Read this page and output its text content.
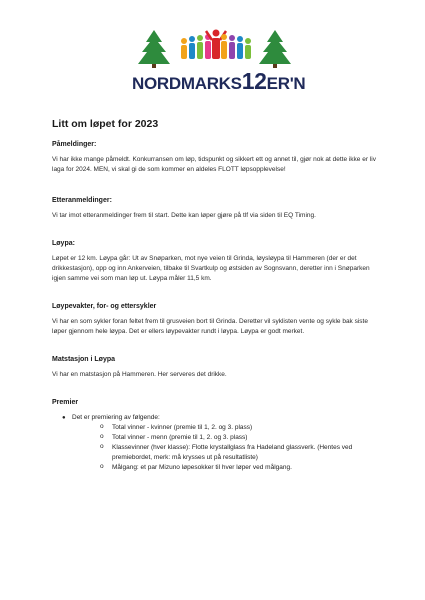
NORDMARKS12ER'N
Litt om løpet for 2023
Påmeldinger:

Vi har ikke mange påmeldt. Konkurransen om løp, tidspunkt og sikkert ett og annet til, gjør nok at dette ikke er liv laga for 2024. MEN, vi skal gi de som kommer en aldeles FLOTT løpsopplevelse!

Etteranmeldinger:

Vi tar imot etteranmeldinger frem til start. Dette kan løper gjøre på tlf via siden til EQ Timing.

Løypa:

Løpet er 12 km. Løypa går: Ut av Snøparken, mot nye veien til Grinda, løysløypa til Hammeren (der er det drikkestasjon), opp og inn Ankerveien, tilbake til Svartkulp og østsiden av Sognsvann, deretter inn i Snøparken igjen samme vei som man løp ut. Løypa måler 11,5 km.

Løypevakter, for- og ettersykler

Vi har en som sykler foran feltet frem til grusveien bort til Grinda. Deretter vil syklisten vente og sykle bak siste løper gjennom hele løypa. Det er ellers løypevakter rundt i løypa. Løypa er godt merket.

Matstasjon i Løypa

Vi har en matstasjon på Hammeren. Her serveres det drikke.

Premier
● Det er premiering av følgende:
o Total vinner - kvinner (premie til 1, 2. og 3. plass)
o Total vinner - menn (premie til 1, 2. og 3. plass)
o Klassevinner (hver klasse): Flotte krystallglass fra Hadeland glassverk. (Hentes ved premiebordet, merk: må krysses ut på resultatliste)
o Målgang: et par Mizuno løpesokker til hver løper ved målgang.
